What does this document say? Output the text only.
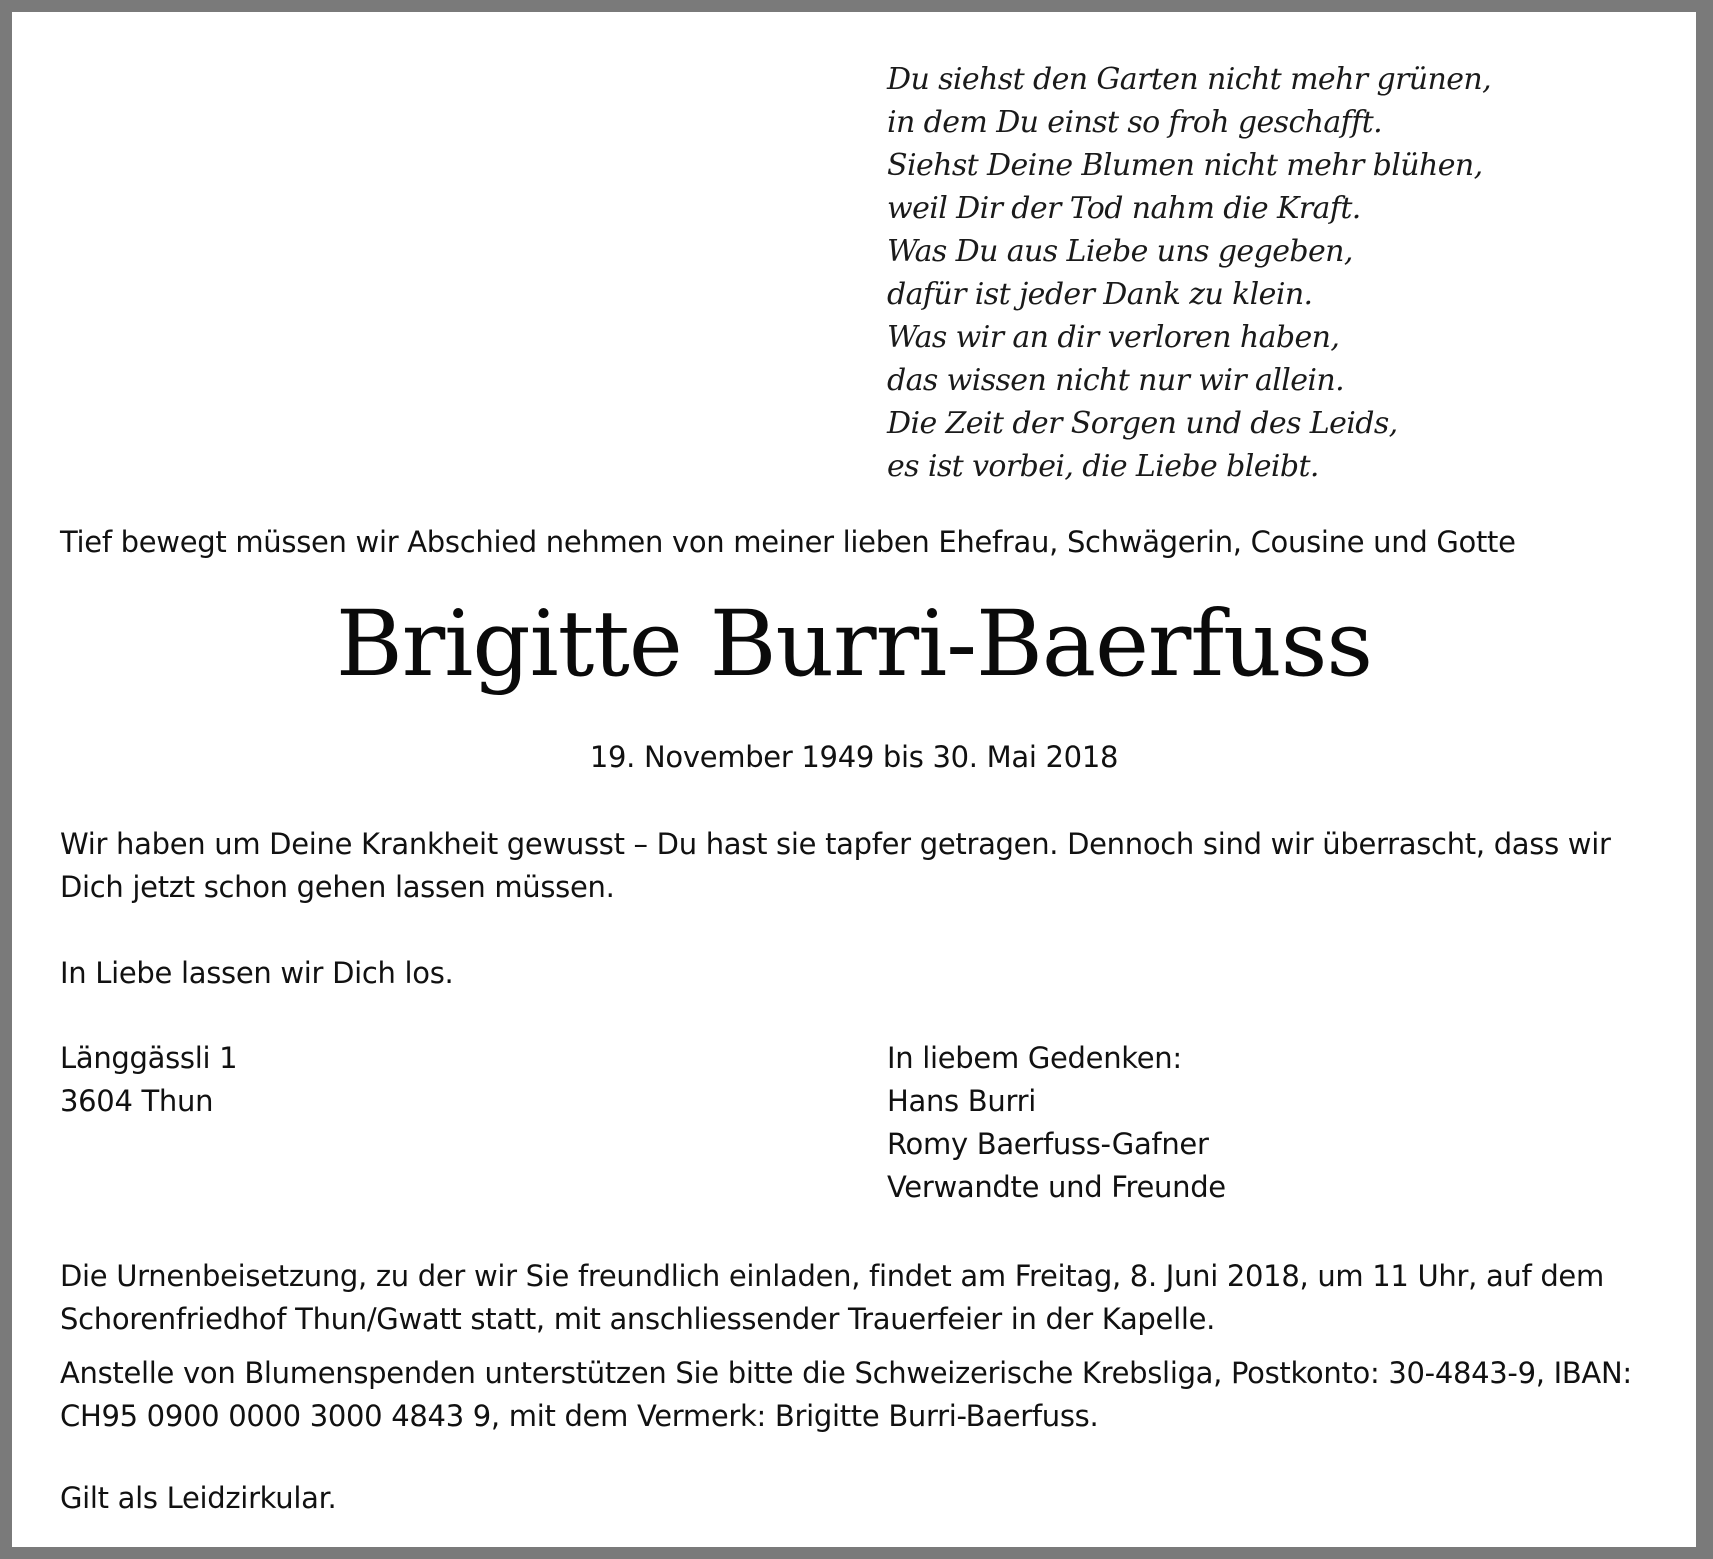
Du siehst den Garten nicht mehr grünen,
in dem Du einst so froh geschafft.
Siehst Deine Blumen nicht mehr blühen,
weil Dir der Tod nahm die Kraft.
Was Du aus Liebe uns gegeben,
dafür ist jeder Dank zu klein.
Was wir an dir verloren haben,
das wissen nicht nur wir allein.
Die Zeit der Sorgen und des Leids,
es ist vorbei, die Liebe bleibt.
Tief bewegt müssen wir Abschied nehmen von meiner lieben Ehefrau, Schwägerin, Cousine und Gotte
Brigitte Burri-Baerfuss
19. November 1949 bis 30. Mai 2018
Wir haben um Deine Krankheit gewusst – Du hast sie tapfer getragen. Dennoch sind wir überrascht, dass wir Dich jetzt schon gehen lassen müssen.
In Liebe lassen wir Dich los.
Länggässli 1
3604 Thun
In liebem Gedenken:
Hans Burri
Romy Baerfuss-Gafner
Verwandte und Freunde
Die Urnenbeisetzung, zu der wir Sie freundlich einladen, findet am Freitag, 8. Juni 2018, um 11 Uhr, auf dem Schorenfriedhof Thun/Gwatt statt, mit anschliessender Trauerfeier in der Kapelle.
Anstelle von Blumenspenden unterstützen Sie bitte die Schweizerische Krebsliga, Postkonto: 30-4843-9, IBAN: CH95 0900 0000 3000 4843 9, mit dem Vermerk: Brigitte Burri-Baerfuss.
Gilt als Leidzirkular.
